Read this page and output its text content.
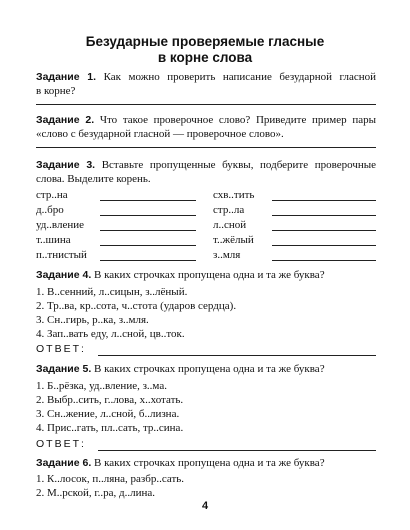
Безударные проверяемые гласные
в корне слова
Задание 1. Как можно проверить написание безударной гласной
в корне?
Задание 2. Что такое проверочное слово? Приведите пример пары
«слово с безударной гласной — проверочное слово».
Задание 3. Вставьте пропущенные буквы, подберите проверочные
слова. Выделите корень.
стр..на	схв..тить
д..бро	стр..ла
уд..вление	л..сной
т..шина	т..жёлый
п..тнистый	з..мля
Задание 4. В каких строчках пропущена одна и та же буква?
1. В..сенний, л..сицын, з..лёный.
2. Тр..ва, кр..сота, ч..стота (ударов сердца).
3. Сн..гирь, р..ка, з..мля.
4. Зап..вать еду, л..сной, цв..ток.
ОТВЕТ:
Задание 5. В каких строчках пропущена одна и та же буква?
1. Б..рёзка, уд..вление, з..ма.
2. Выбр..сить, г..лова, х..хотать.
3. Сн..жение, л..сной, б..лизна.
4. Прис..гать, пл..сать, тр..сина.
ОТВЕТ:
Задание 6. В каких строчках пропущена одна и та же буква?
1. К..лосок, п..ляна, разбр..сать.
2. М..рской, г..ра, д..лина.
4
